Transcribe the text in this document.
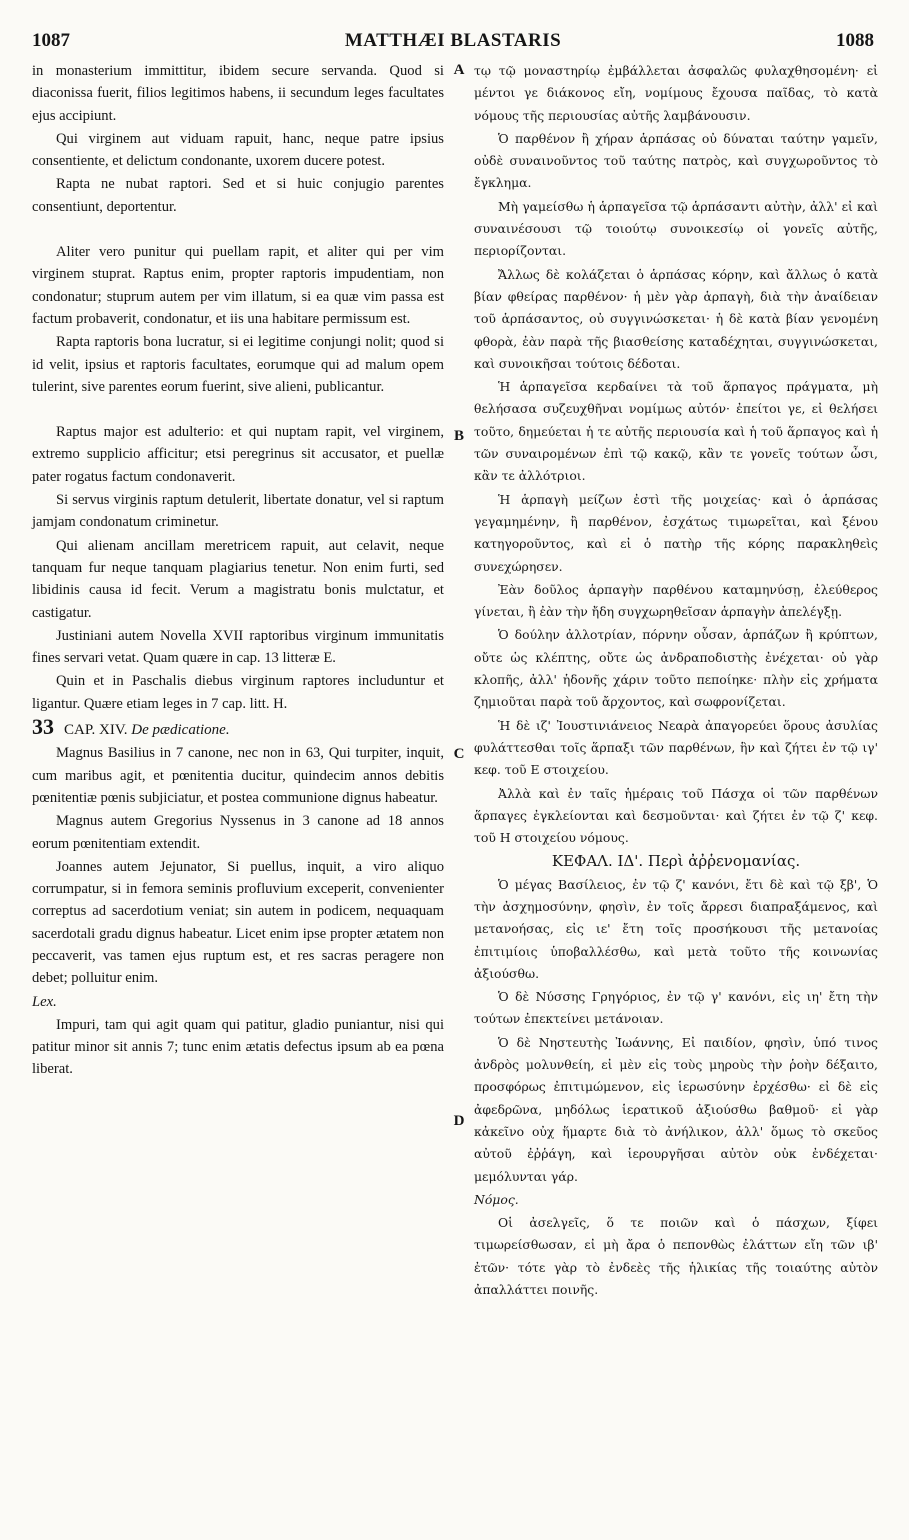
1087	MATTHÆI BLASTARIS	1088

in monasterium immittitur, ibidem secure servanda. Quod si diaconissa fuerit, filios legitimos habens, ii secundum leges facultates ejus accipiunt.

Qui virginem aut viduam rapuit, hanc, neque patre ipsius consentiente, et delictum condonante, uxorem ducere potest.

Rapta ne nubat raptori. Sed et si huic conjugio parentes consentiunt, deportentur.

Aliter vero punitur qui puellam rapit, et aliter qui per vim virginem stuprat. Raptus enim, propter raptoris impudentiam, non condonatur; stuprum autem per vim illatum, si ea quæ vim passa est factum probaverit, condonatur, et iis una habitare permissum est.

Rapta raptoris bona lucratur, si ei legitime conjungi nolit; quod si id velit, ipsius et raptoris facultates, eorumque qui ad malum opem tulerint, sive parentes eorum fuerint, sive alieni, publicantur.

Raptus major est adulterio: et qui nuptam rapit, vel virginem, extremo supplicio afficitur; etsi peregrinus sit accusator, et puellæ pater rogatus factum condonaverit.

Si servus virginis raptum detulerit, libertate donatur, vel si raptum jamjam condonatum criminetur.

Qui alienam ancillam meretricem rapuit, aut celavit, neque tanquam fur neque tanquam plagiarius tenetur. Non enim furti, sed libidinis causa id fecit. Verum a magistratu bonis mulctatur, et castigatur.

Justiniani autem Novella XVII raptoribus virginum immunitatis fines servari vetat. Quam quære in cap. 13 litteræ E.

Quin et in Paschalis diebus virginum raptores includuntur et ligantur. Quære etiam leges in 7 cap. litt. H.

33 CAP. XIV. De pædicatione.

Magnus Basilius in 7 canone, nec non in 63, Qui turpiter, inquit, cum maribus agit, et pœnitentia ducitur, quindecim annos debitis pœnitentiæ pœnis subjiciatur, et postea communione dignus habeatur.

Magnus autem Gregorius Nyssenus in 3 canone ad 18 annos eorum pœnitentiam extendit.

Joannes autem Jejunator, Si puellus, inquit, a viro aliquo corrumpatur, si in femora seminis profluvium exceperit, convenienter correptus ad sacerdotium veniat; sin autem in podicem, nequaquam sacerdotali gradu dignus habeatur. Licet enim ipse propter ætatem non peccaverit, vas tamen ejus ruptum est, et res sacras peragere non debet; polluitur enim.

Lex.

Impuri, tam qui agit quam qui patitur, gladio puniantur, nisi qui patitur minor sit annis 7; tunc enim ætatis defectus ipsum ab ea pœna liberat.

A
B
C
D

τῳ τῷ μοναστηρίῳ ἐμβάλλεται ἀσφαλῶς φυλαχθησομένη· εἰ μέντοι γε διάκονος εἴη, νομίμους ἔχουσα παῖδας, τὸ κατὰ νόμους τῆς περιουσίας αὐτῆς λαμβάνουσιν.

Ὁ παρθένον ἢ χήραν ἁρπάσας οὐ δύναται ταύτην γαμεῖν, οὐδὲ συναινοῦντος τοῦ ταύτης πατρὸς, καὶ συγχωροῦντος τὸ ἔγκλημα.

Μὴ γαμείσθω ἡ ἁρπαγεῖσα τῷ ἁρπάσαντι αὐτὴν, ἀλλ' εἰ καὶ συναινέσουσι τῷ τοιούτῳ συνοικεσίῳ οἱ γονεῖς αὐτῆς, περιορίζονται.

Ἄλλως δὲ κολάζεται ὁ ἁρπάσας κόρην, καὶ ἄλλως ὁ κατὰ βίαν φθείρας παρθένον· ἡ μὲν γὰρ ἁρπαγὴ, διὰ τὴν ἀναίδειαν τοῦ ἁρπάσαντος, οὐ συγγινώσκεται· ἡ δὲ κατὰ βίαν γενομένη φθορὰ, ἐὰν παρὰ τῆς βιασθείσης καταδέχηται, συγγινώσκεται, καὶ συνοικῆσαι τούτοις δέδοται.

Ἡ ἁρπαγεῖσα κερδαίνει τὰ τοῦ ἅρπαγος πράγματα, μὴ θελήσασα συζευχθῆναι νομίμως αὐτόν· ἐπείτοι γε, εἰ θελήσει τοῦτο, δημεύεται ἡ τε αὐτῆς περιουσία καὶ ἡ τοῦ ἅρπαγος καὶ ἡ τῶν συναιρομένων ἐπὶ τῷ κακῷ, κἂν τε γονεῖς τούτων ὦσι, κἂν τε ἀλλότριοι.

Ἡ ἁρπαγὴ μείζων ἐστὶ τῆς μοιχείας· καὶ ὁ ἁρπάσας γεγαμημένην, ἢ παρθένον, ἐσχάτως τιμωρεῖται, καὶ ξένου κατηγοροῦντος, καὶ εἰ ὁ πατὴρ τῆς κόρης παρακληθεὶς συνεχώρησεν.

Ἐὰν δοῦλος ἁρπαγὴν παρθένου καταμηνύσῃ, ἐλεύθερος γίνεται, ἢ ἐὰν τὴν ἤδη συγχωρηθεῖσαν ἁρπαγὴν ἀπελέγξῃ.

Ὁ δούλην ἀλλοτρίαν, πόρνην οὖσαν, ἁρπάζων ἢ κρύπτων, οὔτε ὡς κλέπτης, οὔτε ὡς ἀνδραποδιστὴς ἐνέχεται· οὐ γὰρ κλοπῆς, ἀλλ' ἡδονῆς χάριν τοῦτο πεποίηκε· πλὴν εἰς χρήματα ζημιοῦται παρὰ τοῦ ἄρχοντος, καὶ σωφρονίζεται.

Ἡ δὲ ιζ' Ἰουστινιάνειος Νεαρὰ ἀπαγορεύει ὅρους ἀσυλίας φυλάττεσθαι τοῖς ἅρπαξι τῶν παρθένων, ἣν καὶ ζήτει ἐν τῷ ιγ' κεφ. τοῦ Ε στοιχείου.

Ἀλλὰ καὶ ἐν ταῖς ἡμέραις τοῦ Πάσχα οἱ τῶν παρθένων ἅρπαγες ἐγκλείονται καὶ δεσμοῦνται· καὶ ζήτει ἐν τῷ ζ' κεφ. τοῦ Η στοιχείου νόμους.

ΚΕΦΑΛ. ΙΔ'. Περὶ ἀῤῥενομανίας.

Ὁ μέγας Βασίλειος, ἐν τῷ ζ' κανόνι, ἔτι δὲ καὶ τῷ ξβ', Ὁ τὴν ἀσχημοσύνην, φησὶν, ἐν τοῖς ἄρρεσι διαπραξάμενος, καὶ μετανοήσας, εἰς ιε' ἔτη τοῖς προσήκουσι τῆς μετανοίας ἐπιτιμίοις ὑποβαλλέσθω, καὶ μετὰ τοῦτο τῆς κοινωνίας ἀξιούσθω.

Ὁ δὲ Νύσσης Γρηγόριος, ἐν τῷ γ' κανόνι, εἰς ιη' ἔτη τὴν τούτων ἐπεκτείνει μετάνοιαν.

Ὁ δὲ Νηστευτὴς Ἰωάννης, Εἰ παιδίον, φησὶν, ὑπό τινος ἀνδρὸς μολυνθείη, εἰ μὲν εἰς τοὺς μηροὺς τὴν ῥοὴν δέξαιτο, προσφόρως ἐπιτιμώμενον, εἰς ἱερωσύνην ἐρχέσθω· εἰ δὲ εἰς ἀφεδρῶνα, μηδόλως ἱερατικοῦ ἀξιούσθω βαθμοῦ· εἰ γὰρ κἀκεῖνο οὐχ ἥμαρτε διὰ τὸ ἀνήλικον, ἀλλ' ὅμως τὸ σκεῦος αὐτοῦ ἐῤῥάγη, καὶ ἱερουργῆσαι αὐτὸν οὐκ ἐνδέχεται· μεμόλυνται γάρ.

Νόμος.

Οἱ ἀσελγεῖς, ὅ τε ποιῶν καὶ ὁ πάσχων, ξίφει τιμωρείσθωσαν, εἰ μὴ ἄρα ὁ πεπονθὼς ἐλάττων εἴη τῶν ιβ' ἐτῶν· τότε γὰρ τὸ ἐνδεὲς τῆς ἡλικίας τῆς τοιαύτης αὐτὸν ἀπαλλάττει ποινῆς.
